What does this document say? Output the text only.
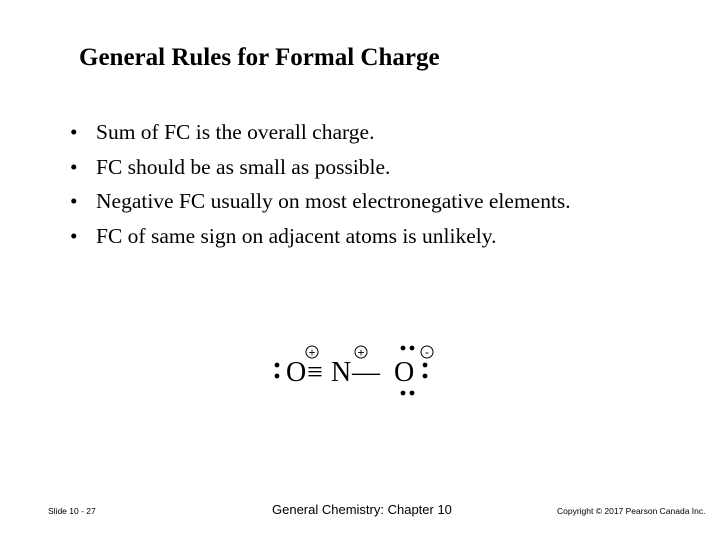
General Rules for Formal Charge
• Sum of FC is the overall charge.
• FC should be as small as possible.
• Negative FC usually on most electronegative elements.
• FC of same sign on adjacent atoms is unlikely.
O ≡ N — O
+	+	-
Slide 10 - 27	General Chemistry: Chapter 10	Copyright © 2017 Pearson Canada Inc.
